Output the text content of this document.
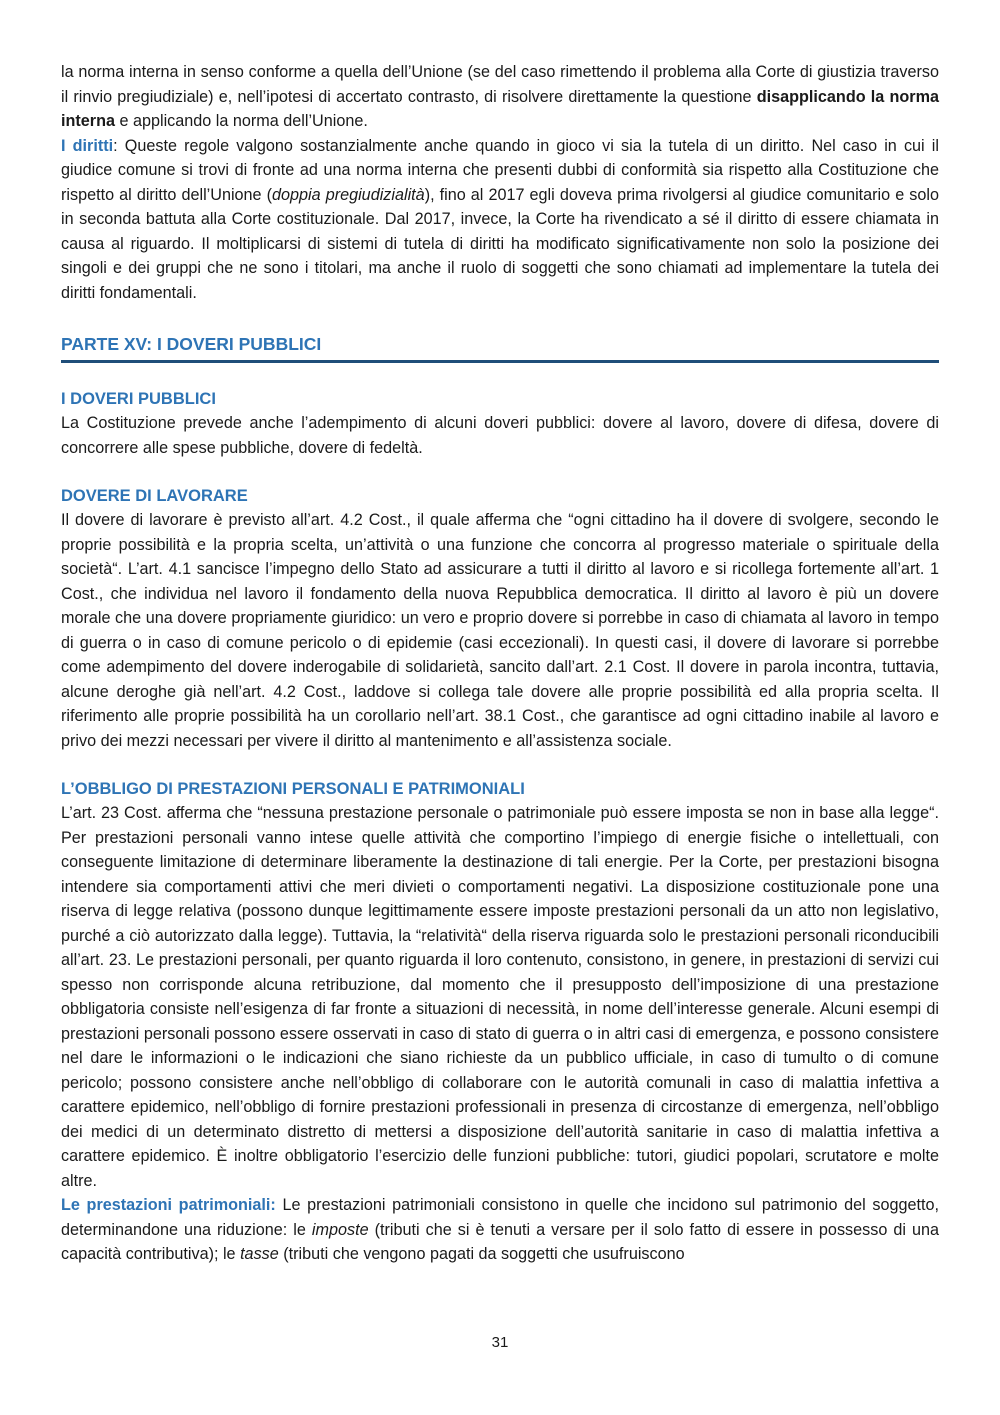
la norma interna in senso conforme a quella dell’Unione (se del caso rimettendo il problema alla Corte di giustizia traverso il rinvio pregiudiziale) e, nell’ipotesi di accertato contrasto, di risolvere direttamente la questione disapplicando la norma interna e applicando la norma dell’Unione.

I diritti: Queste regole valgono sostanzialmente anche quando in gioco vi sia la tutela di un diritto. Nel caso in cui il giudice comune si trovi di fronte ad una norma interna che presenti dubbi di conformità sia rispetto alla Costituzione che rispetto al diritto dell’Unione (doppia pregiudizialità), fino al 2017 egli doveva prima rivolgersi al giudice comunitario e solo in seconda battuta alla Corte costituzionale. Dal 2017, invece, la Corte ha rivendicato a sé il diritto di essere chiamata in causa al riguardo. Il moltiplicarsi di sistemi di tutela di diritti ha modificato significativamente non solo la posizione dei singoli e dei gruppi che ne sono i titolari, ma anche il ruolo di soggetti che sono chiamati ad implementare la tutela dei diritti fondamentali.

PARTE XV: I DOVERI PUBBLICI
I DOVERI PUBBLICI

La Costituzione prevede anche l’adempimento di alcuni doveri pubblici: dovere al lavoro, dovere di difesa, dovere di concorrere alle spese pubbliche, dovere di fedeltà.

DOVERE DI LAVORARE

Il dovere di lavorare è previsto all’art. 4.2 Cost., il quale afferma che “ogni cittadino ha il dovere di svolgere, secondo le proprie possibilità e la propria scelta, un’attività o una funzione che concorra al progresso materiale o spirituale della società“. L’art. 4.1 sancisce l’impegno dello Stato ad assicurare a tutti il diritto al lavoro e si ricollega fortemente all’art. 1 Cost., che individua nel lavoro il fondamento della nuova Repubblica democratica. Il diritto al lavoro è più un dovere morale che una dovere propriamente giuridico: un vero e proprio dovere si porrebbe in caso di chiamata al lavoro in tempo di guerra o in caso di comune pericolo o di epidemie (casi eccezionali). In questi casi, il dovere di lavorare si porrebbe come adempimento del dovere inderogabile di solidarietà, sancito dall’art. 2.1 Cost. Il dovere in parola incontra, tuttavia, alcune deroghe già nell’art. 4.2 Cost., laddove si collega tale dovere alle proprie possibilità ed alla propria scelta. Il riferimento alle proprie possibilità ha un corollario nell’art. 38.1 Cost., che garantisce ad ogni cittadino inabile al lavoro e privo dei mezzi necessari per vivere il diritto al mantenimento e all’assistenza sociale.

L’OBBLIGO DI PRESTAZIONI PERSONALI E PATRIMONIALI

L’art. 23 Cost. afferma che “nessuna prestazione personale o patrimoniale può essere imposta se non in base alla legge“. Per prestazioni personali vanno intese quelle attività che comportino l’impiego di energie fisiche o intellettuali, con conseguente limitazione di determinare liberamente la destinazione di tali energie. Per la Corte, per prestazioni bisogna intendere sia comportamenti attivi che meri divieti o comportamenti negativi. La disposizione costituzionale pone una riserva di legge relativa (possono dunque legittimamente essere imposte prestazioni personali da un atto non legislativo, purché a ciò autorizzato dalla legge). Tuttavia, la “relatività“ della riserva riguarda solo le prestazioni personali riconducibili all’art. 23. Le prestazioni personali, per quanto riguarda il loro contenuto, consistono, in genere, in prestazioni di servizi cui spesso non corrisponde alcuna retribuzione, dal momento che il presupposto dell’imposizione di una prestazione obbligatoria consiste nell’esigenza di far fronte a situazioni di necessità, in nome dell’interesse generale. Alcuni esempi di prestazioni personali possono essere osservati in caso di stato di guerra o in altri casi di emergenza, e possono consistere nel dare le informazioni o le indicazioni che siano richieste da un pubblico ufficiale, in caso di tumulto o di comune pericolo; possono consistere anche nell’obbligo di collaborare con le autorità comunali in caso di malattia infettiva a carattere epidemico, nell’obbligo di fornire prestazioni professionali in presenza di circostanze di emergenza, nell’obbligo dei medici di un determinato distretto di mettersi a disposizione dell’autorità sanitarie in caso di malattia infettiva a carattere epidemico. È inoltre obbligatorio l’esercizio delle funzioni pubbliche: tutori, giudici popolari, scrutatore e molte altre.

Le prestazioni patrimoniali: Le prestazioni patrimoniali consistono in quelle che incidono sul patrimonio del soggetto, determinandone una riduzione: le imposte (tributi che si è tenuti a versare per il solo fatto di essere in possesso di una capacità contributiva); le tasse (tributi che vengono pagati da soggetti che usufruiscono

31
